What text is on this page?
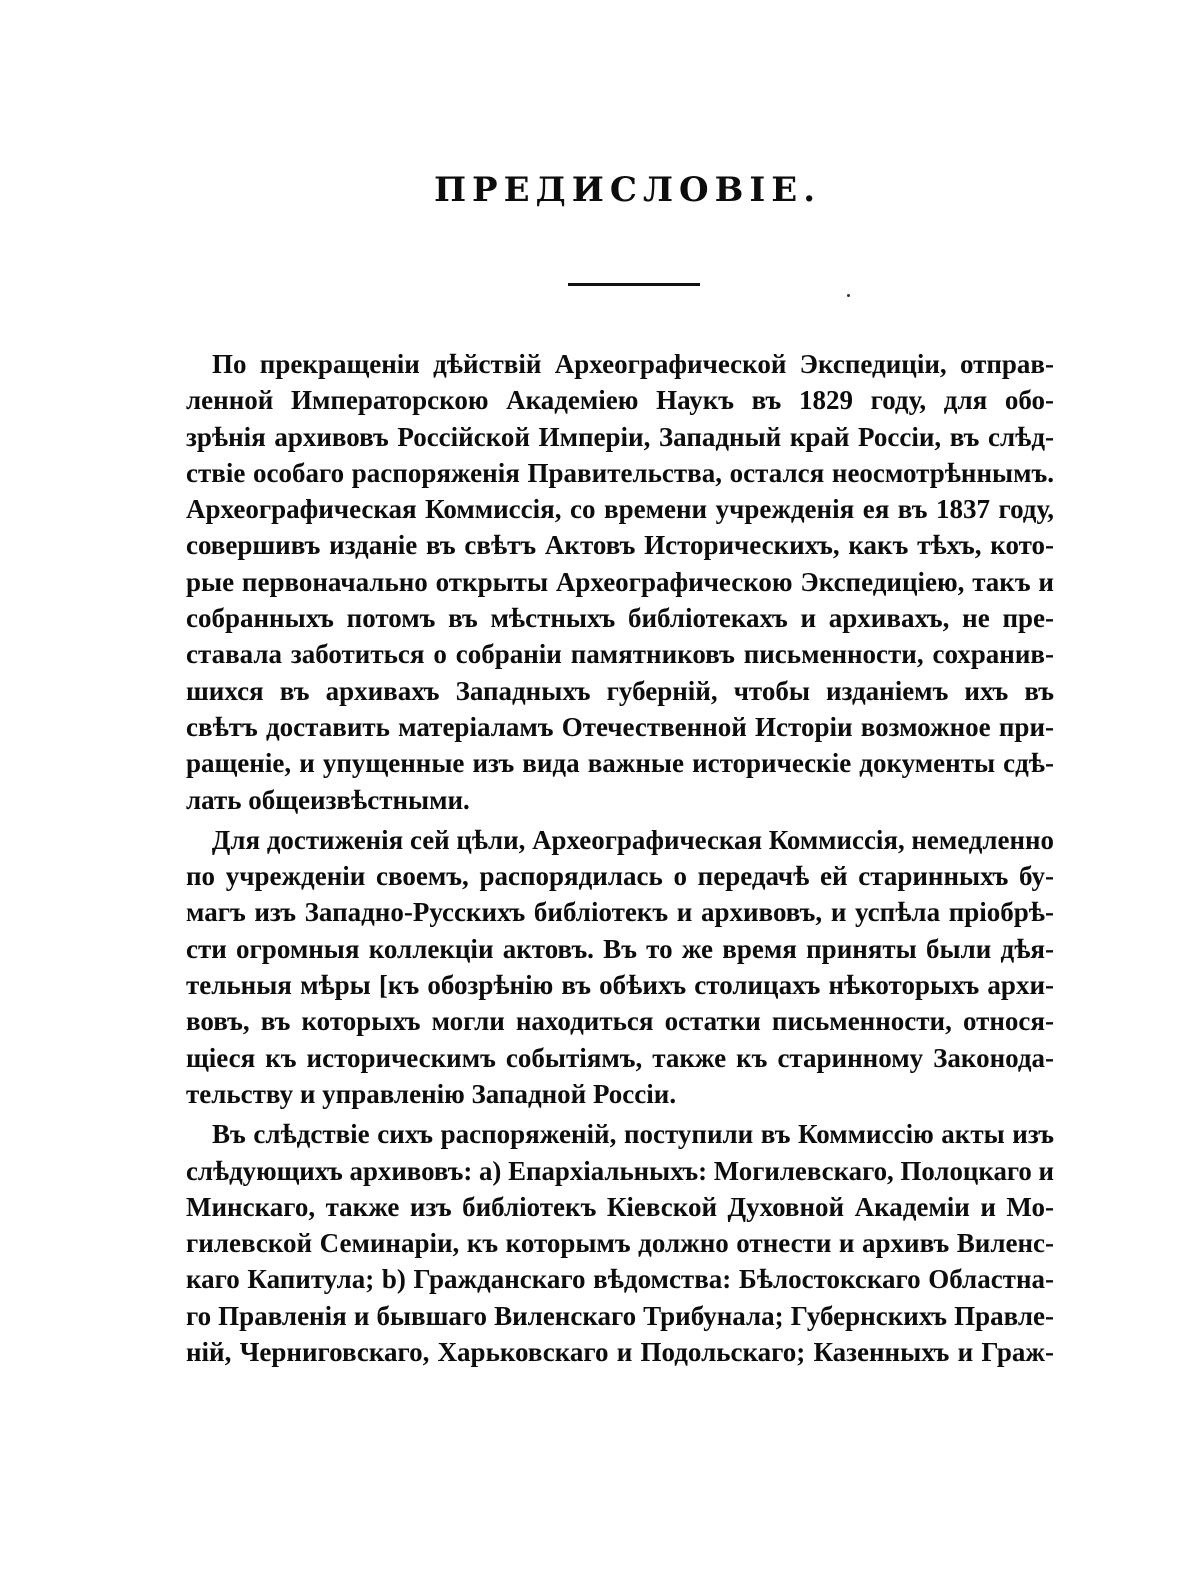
ПРЕДИСЛОВІЕ.

По прекращеніи дѣйствій Археографической Экспедиціи, отправ-
ленной Императорскою Академіею Наукъ въ 1829 году, для обо-
зрѣнія архивовъ Россійской Имперіи, Западный край Россіи, въ слѣд-
ствіе особаго распоряженія Правительства, остался неосмотрѣннымъ.
Археографическая Коммиссія, со времени учрежденія ея въ 1837 году,
совершивъ изданіе въ свѣтъ Актовъ Историческихъ, какъ тѣхъ, кото-
рые первоначально открыты Археографическою Экспедиціею, такъ и
собранныхъ потомъ въ мѣстныхъ библіотекахъ и архивахъ, не пре-
ставала заботиться о собраніи памятниковъ письменности, сохранив-
шихся въ архивахъ Западныхъ губерній, чтобы изданіемъ ихъ въ
свѣтъ доставить матеріаламъ Отечественной Исторіи возможное при-
ращеніе, и упущенные изъ вида важные историческіе документы сдѣ-
лать общеизвѣстными.

Для достиженія сей цѣли, Археографическая Коммиссія, немедленно
по учрежденіи своемъ, распорядилась о передачѣ ей старинныхъ бу-
магъ изъ Западно-Русскихъ библіотекъ и архивовъ, и успѣла пріобрѣ-
сти огромныя коллекціи актовъ. Въ то же время приняты были дѣя-
тельныя мѣры [къ обозрѣнію въ обѣихъ столицахъ нѣкоторыхъ архи-
вовъ, въ которыхъ могли находиться остатки письменности, относя-
щіеся къ историческимъ событіямъ, также къ старинному Законода-
тельству и управленію Западной Россіи.

Въ слѣдствіе сихъ распоряженій, поступили въ Коммиссію акты изъ
слѣдующихъ архивовъ: а) Епархіальныхъ: Могилевскаго, Полоцкаго и
Минскаго, также изъ библіотекъ Кіевской Духовной Академіи и Мо-
гилевской Семинаріи, къ которымъ должно отнести и архивъ Виленс-
каго Капитула; b) Гражданскаго вѣдомства: Бѣлостокскаго Областна-
го Правленія и бывшаго Виленскаго Трибунала; Губернскихъ Правле-
ній, Черниговскаго, Харьковскаго и Подольскаго; Казенныхъ и Граж-
